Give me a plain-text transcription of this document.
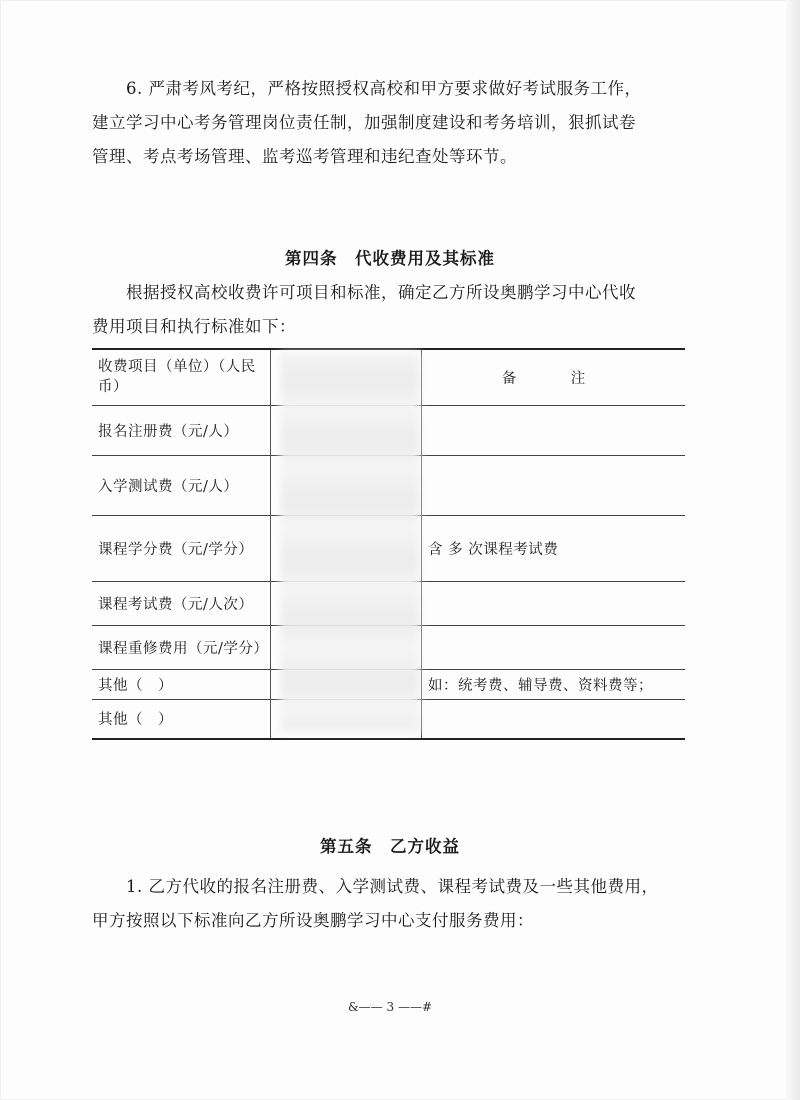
6. 严肃考风考纪，严格按照授权高校和甲方要求做好考试服务工作，
建立学习中心考务管理岗位责任制，加强制度建设和考务培训，狠抓试卷
管理、考点考场管理、监考巡考管理和违纪查处等环节。
第四条　代收费用及其标准
根据授权高校收费许可项目和标准，确定乙方所设奥鹏学习中心代收
费用项目和执行标准如下：
收费项目（单位）（人民币）		备　注
报名注册费（元/人）		
入学测试费（元/人）		
课程学分费（元/学分）		含 多 次课程考试费
课程考试费（元/人次）		
课程重修费用（元/学分）		
其他（　）		如：统考费、辅导费、资料费等；
其他（　）		
第五条　乙方收益
1. 乙方代收的报名注册费、入学测试费、课程考试费及一些其他费用，
甲方按照以下标准向乙方所设奥鹏学习中心支付服务费用：
&—— 3 ——#
